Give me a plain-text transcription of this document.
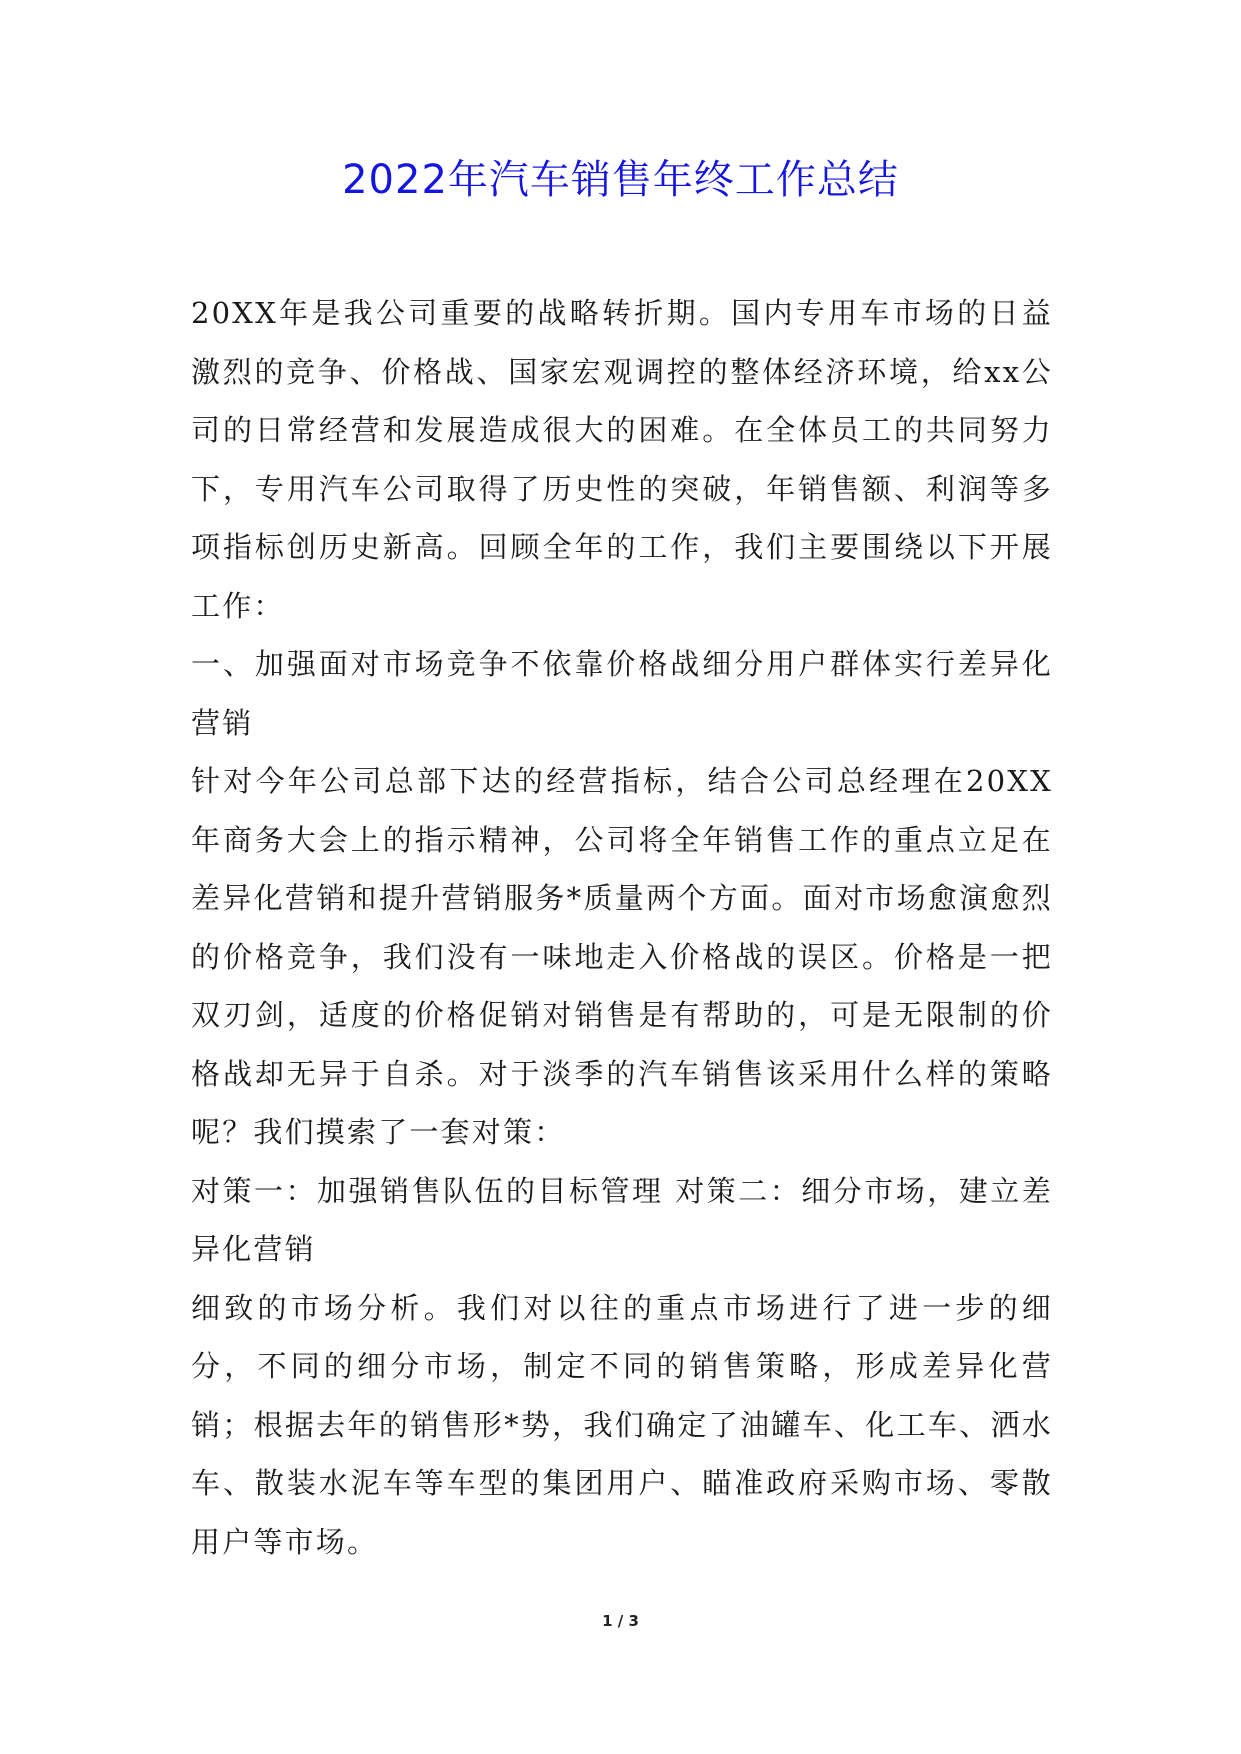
2022年汽车销售年终工作总结

20XX年是我公司重要的战略转折期。国内专用车市场的日益激烈的竞争、价格战、国家宏观调控的整体经济环境，给xx公司的日常经营和发展造成很大的困难。在全体员工的共同努力下，专用汽车公司取得了历史性的突破，年销售额、利润等多项指标创历史新高。回顾全年的工作，我们主要围绕以下开展工作：

一、加强面对市场竞争不依靠价格战细分用户群体实行差异化营销

针对今年公司总部下达的经营指标，结合公司总经理在20XX年商务大会上的指示精神，公司将全年销售工作的重点立足在差异化营销和提升营销服务*质量两个方面。面对市场愈演愈烈的价格竞争，我们没有一味地走入价格战的误区。价格是一把双刃剑，适度的价格促销对销售是有帮助的，可是无限制的价格战却无异于自杀。对于淡季的汽车销售该采用什么样的策略呢？我们摸索了一套对策：

对策一：加强销售队伍的目标管理 对策二：细分市场，建立差异化营销

细致的市场分析。我们对以往的重点市场进行了进一步的细分，不同的细分市场，制定不同的销售策略，形成差异化营销；根据去年的销售形*势，我们确定了油罐车、化工车、洒水车、散装水泥车等车型的集团用户、瞄准政府采购市场、零散用户等市场。

1 / 3
